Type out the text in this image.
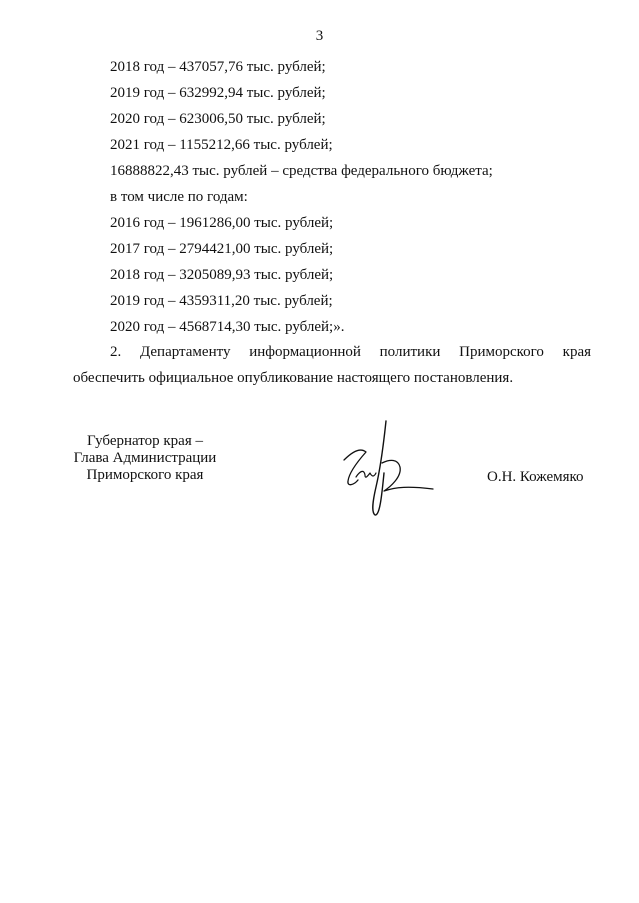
3
2018 год – 437057,76 тыс. рублей;
2019 год – 632992,94 тыс. рублей;
2020 год – 623006,50 тыс. рублей;
2021 год – 1155212,66 тыс. рублей;
16888822,43 тыс. рублей – средства федерального бюджета;
в том числе по годам:
2016 год – 1961286,00 тыс. рублей;
2017 год – 2794421,00 тыс. рублей;
2018 год – 3205089,93 тыс. рублей;
2019 год – 4359311,20 тыс. рублей;
2020 год – 4568714,30 тыс. рублей;».
2. Департаменту информационной политики Приморского края
обеспечить официальное опубликование настоящего постановления.
Губернатор края –
Глава Администрации
Приморского края	О.Н. Кожемяко
